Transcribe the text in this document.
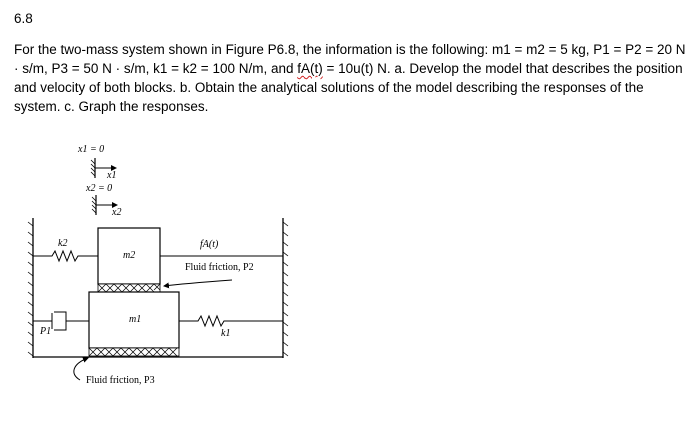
6.8

For the two-mass system shown in Figure P6.8, the information is the following: m1 = m2 = 5 kg, P1 = P2 = 20 N · s/m, P3 = 50 N · s/m, k1 = k2 = 100 N/m, and fA(t) = 10u(t) N. a. Develop the model that describes the position and velocity of both blocks. b. Obtain the analytical solutions of the model describing the responses of the system. c. Graph the responses.

x1 = 0
x1
x2 = 0
x2
k2
m2
fA(t)
Fluid friction, P2
m1
P1	k1
Fluid friction, P3
